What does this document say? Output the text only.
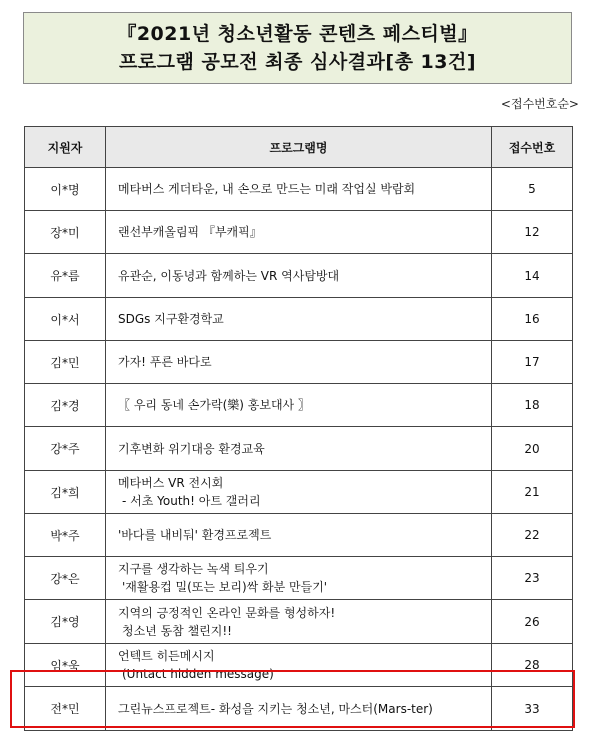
『2021년 청소년활동 콘텐츠 페스티벌』
프로그램 공모전 최종 심사결과[총 13건]
<접수번호순>
지원자	프로그램명	접수번호
이*명	메타버스 게더타운, 내 손으로 만드는 미래 작업실 박람회	5
장*미	랜선부캐올림픽 『부캐픽』	12
유*름	유관순, 이동녕과 함께하는 VR 역사탐방대	14
이*서	SDGs 지구환경학교	16
김*민	가자! 푸른 바다로	17
김*경	〖 우리 동네 손가락(樂) 홍보대사 〗	18
강*주	기후변화 위기대응 환경교육	20
김*희	메타버스 VR 전시회
- 서초 Youth! 아트 갤러리	21
박*주	'바다를 내비둬' 환경프로젝트	22
강*은	지구를 생각하는 녹색 틔우기
'재활용컵 밀(또는 보리)싹 화분 만들기'	23
김*영	지역의 긍정적인 온라인 문화를 형성하자!
청소년 동참 챌린지!!	26
임*욱	언텍트 히든메시지
(Untact hidden message)	28
전*민	그린뉴스프로젝트- 화성을 지키는 청소년, 마스터(Mars-ter)	33
